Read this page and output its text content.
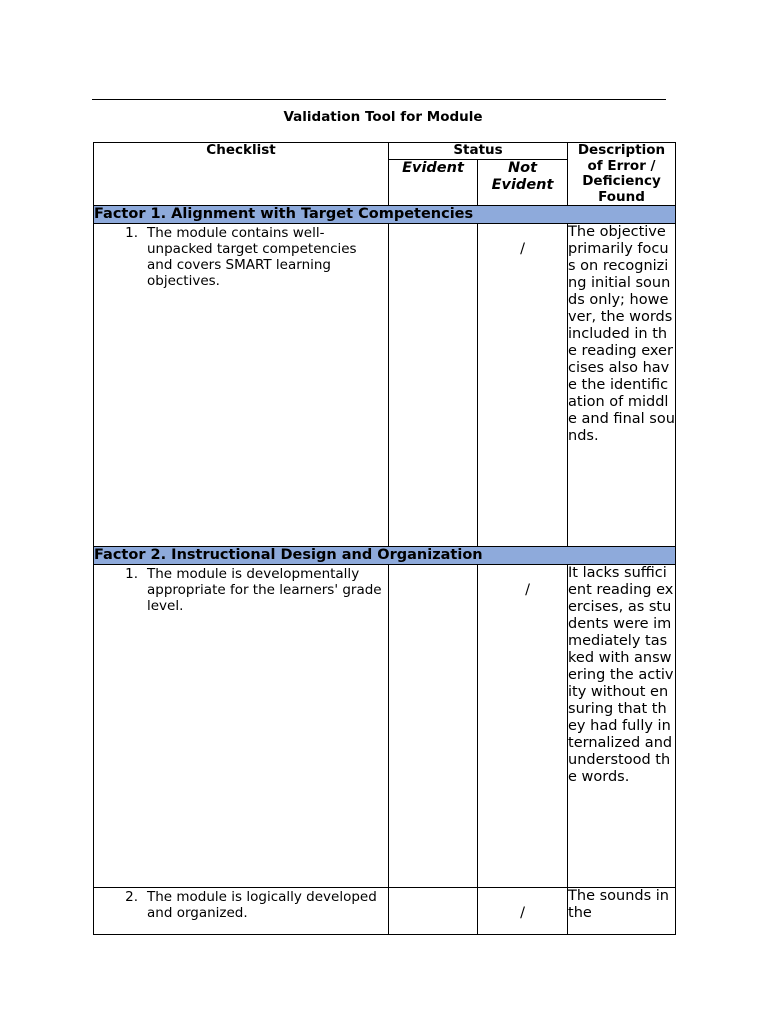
Validation Tool for Module
Checklist	Status		Description of Error / Deficiency Found
	Evident	Not Evident	
Factor 1. Alignment with Target Competencies			

1. The module contains well-unpacked target competencies and covers SMART learning objectives.		/	The objective primarily focus on recognizing initial sounds only; however, the words included in the reading exercises also have the identification of middle and final sounds.
Factor 2. Instructional Design and Organization			

1. The module is developmentally appropriate for the learners' grade level.		/	It lacks sufficient reading exercises, as students were immediately tasked with answering the activity without ensuring that they had fully internalized and understood the words.

2. The module is logically developed and organized.		/	The sounds in the
